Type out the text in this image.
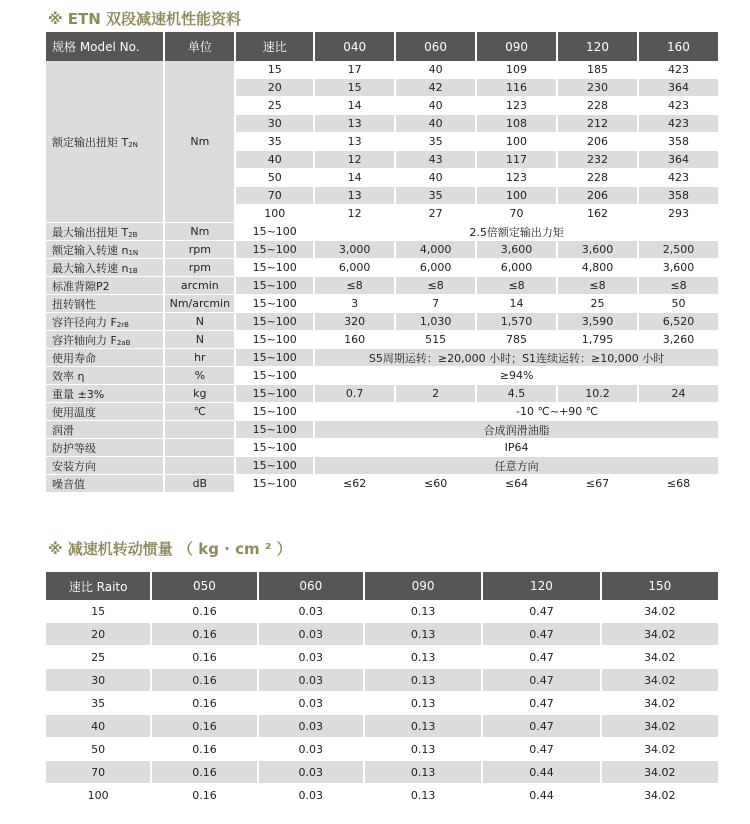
※ ETN 双段减速机性能资料
规格 Model No.	单位	速比	040	060	090	120	160
额定输出扭矩 $T_{2N}$	Nm	15	17	40	109	185	423
		20	15	42	116	230	364
		25	14	40	123	228	423
		30	13	40	108	212	423
		35	13	35	100	206	358
		40	12	43	117	232	364
		50	14	40	123	228	423
		70	13	35	100	206	358
		100	12	27	70	162	293
最大输出扭矩 $T_{2B}$	Nm	15~100	2.5倍额定输出力矩				
额定输入转速 $n_{1N}$	rpm	15~100	3,000	4,000	3,600	3,600	2,500
最大输入转速 $n_{1B}$	rpm	15~100	6,000	6,000	6,000	4,800	3,600
标准背隙P2	arcmin	15~100	≤8	≤8	≤8	≤8	≤8
扭转钢性	Nm/arcmin	15~100	3	7	14	25	50
容许径向力 $F_{2rB}$	N	15~100	320	1,030	1,570	3,590	6,520
容许轴向力 $F_{2aB}$	N	15~100	160	515	785	1,795	3,260
使用寿命	hr	15~100	S5周期运转：≥20,000 小时；S1连续运转：≥10,000 小时				
效率 η	%	15~100	≥94%				
重量 ±3%	kg	15~100	0.7	2	4.5	10.2	24
使用温度	℃	15~100		-10 ℃~+90 ℃			
润滑		15~100	合成润滑油脂				
防护等级		15~100	IP64				
安装方向		15~100	任意方向				
噪音值	dB	15~100	≤62	≤60	≤64	≤67	≤68
※ 减速机转动惯量 （ kg · cm ² ）
速比 Raito	050	060	090	120	150
15	0.16	0.03	0.13	0.47	34.02
20	0.16	0.03	0.13	0.47	34.02
25	0.16	0.03	0.13	0.47	34.02
30	0.16	0.03	0.13	0.47	34.02
35	0.16	0.03	0.13	0.47	34.02
40	0.16	0.03	0.13	0.47	34.02
50	0.16	0.03	0.13	0.47	34.02
70	0.16	0.03	0.13	0.44	34.02
100	0.16	0.03	0.13	0.44	34.02
